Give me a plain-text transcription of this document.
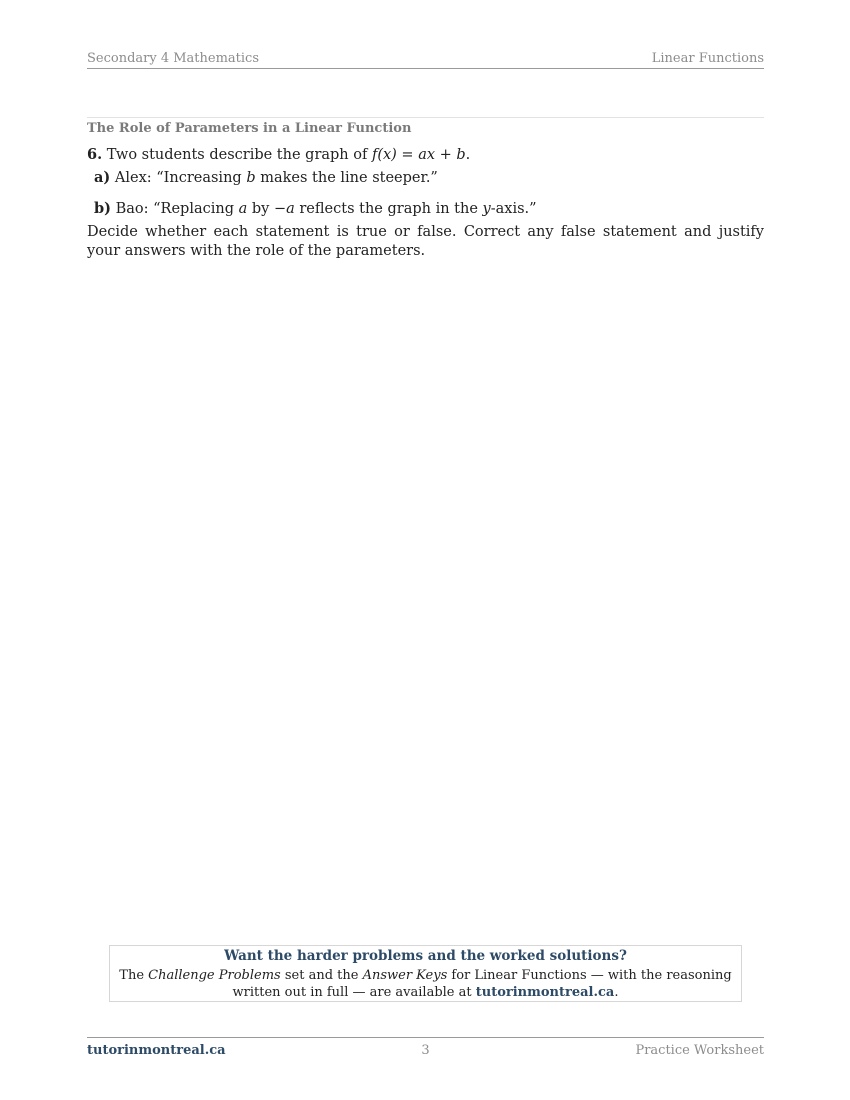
Secondary 4 Mathematics	Linear Functions
The Role of Parameters in a Linear Function
6. Two students describe the graph of f(x) = ax + b.
a) Alex: “Increasing b makes the line steeper.”
b) Bao: “Replacing a by −a reflects the graph in the y-axis.”
Decide whether each statement is true or false. Correct any false statement and justify your answers with the role of the parameters.
Want the harder problems and the worked solutions?
The Challenge Problems set and the Answer Keys for Linear Functions — with the reasoning written out in full — are available at tutorinmontreal.ca.
tutorinmontreal.ca	3	Practice Worksheet
